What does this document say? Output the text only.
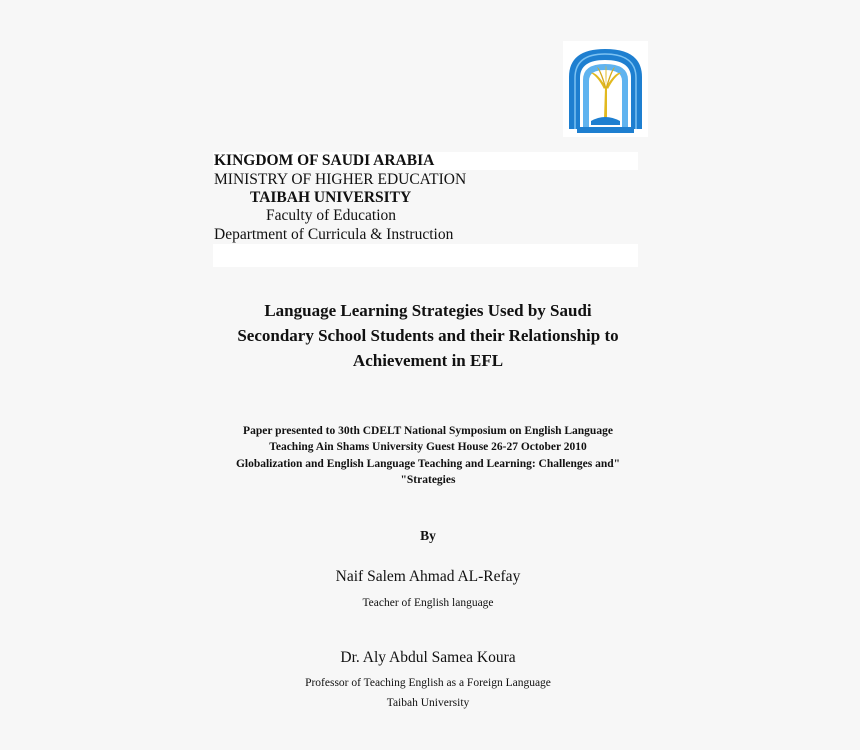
KINGDOM OF SAUDI ARABIA
MINISTRY OF HIGHER EDUCATION
TAIBAH UNIVERSITY
Faculty of Education
Department of Curricula & Instruction
Language Learning Strategies Used by Saudi
Secondary School Students and their Relationship to
Achievement in EFL
Paper presented to 30th CDELT National Symposium on English Language
Teaching Ain Shams University Guest House 26-27 October 2010
Globalization and English Language Teaching and Learning: Challenges and"
"Strategies
By
Naif Salem Ahmad AL-Refay
Teacher of English language
Dr. Aly Abdul Samea Koura
Professor of Teaching English as a Foreign Language
Taibah University
